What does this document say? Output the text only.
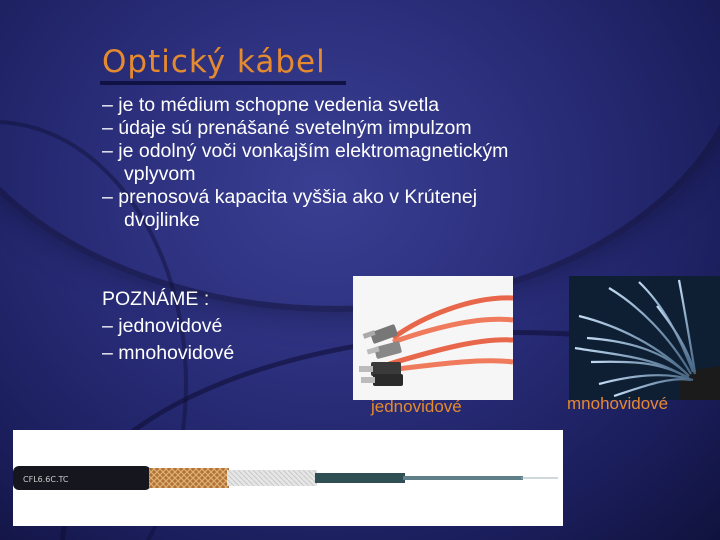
Optický kábel
– je to médium schopne vedenia svetla
– údaje sú prenášané svetelným impulzom
– je odolný voči vonkajším elektromagnetickým
vplyvom
– prenosová kapacita vyššia ako v Krútenej
dvojlinke
POZNÁME :
– jednovidové
– mnohovidové
jednovidové	mnohovidové
CFL6.6C.TC
